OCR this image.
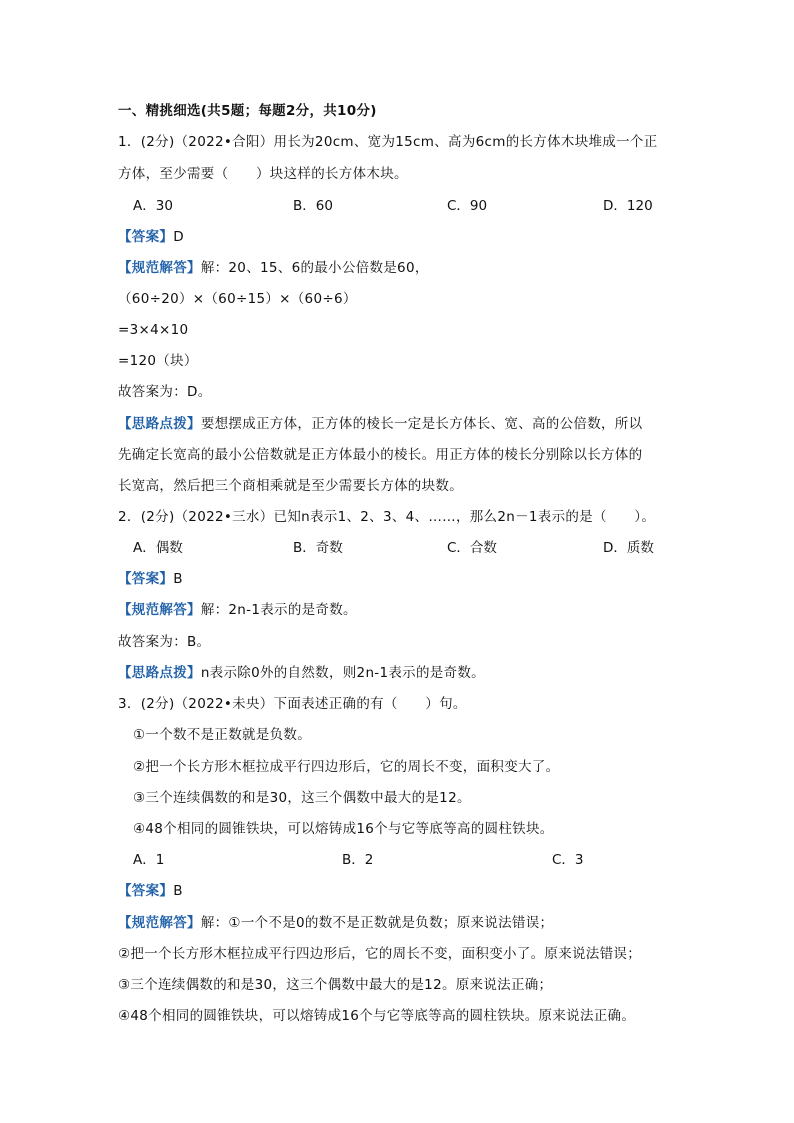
一、精挑细选(共5题；每题2分，共10分)
1．(2分)（2022•合阳）用长为20cm、宽为15cm、高为6cm的长方体木块堆成一个正
方体，至少需要（　　）块这样的长方体木块。
A．30	B．60	C．90	D．120
【答案】D
【规范解答】解：20、15、6的最小公倍数是60，
（60÷20）×（60÷15）×（60÷6）
=3×4×10
=120（块）
故答案为：D。
【思路点拨】要想摆成正方体，正方体的棱长一定是长方体长、宽、高的公倍数，所以
先确定长宽高的最小公倍数就是正方体最小的棱长。用正方体的棱长分别除以长方体的
长宽高，然后把三个商相乘就是至少需要长方体的块数。
2．(2分)（2022•三水）已知n表示1、2、3、4、……，那么2n－1表示的是（　　）。
A．偶数	B．奇数	C．合数	D．质数
【答案】B
【规范解答】解：2n-1表示的是奇数。
故答案为：B。
【思路点拨】n表示除0外的自然数，则2n-1表示的是奇数。
3．(2分)（2022•未央）下面表述正确的有（　　）句。
①一个数不是正数就是负数。
②把一个长方形木框拉成平行四边形后，它的周长不变，面积变大了。
③三个连续偶数的和是30，这三个偶数中最大的是12。
④48个相同的圆锥铁块，可以熔铸成16个与它等底等高的圆柱铁块。
A．1	B．2	C．3
【答案】B
【规范解答】解：①一个不是0的数不是正数就是负数；原来说法错误；
②把一个长方形木框拉成平行四边形后，它的周长不变，面积变小了。原来说法错误；
③三个连续偶数的和是30，这三个偶数中最大的是12。原来说法正确；
④48个相同的圆锥铁块，可以熔铸成16个与它等底等高的圆柱铁块。原来说法正确。
